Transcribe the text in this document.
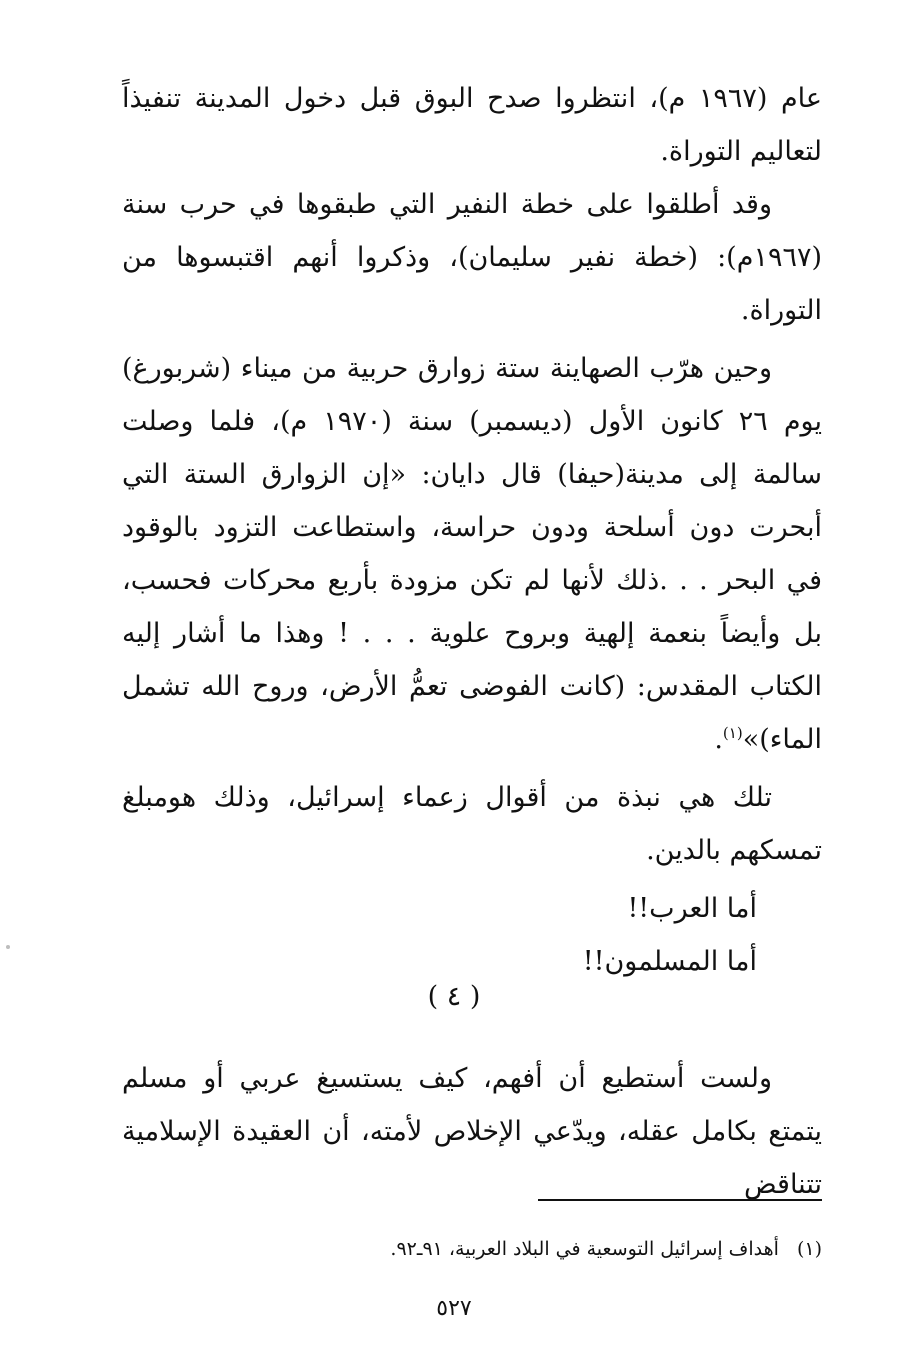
عام (١٩٦٧ م)، انتظروا صدح البوق قبل دخول المدينة تنفيذاً لتعاليم التوراة.

وقد أطلقوا على خطة النفير التي طبقوها في حرب سنة (١٩٦٧م): (خطة نفير سليمان)، وذكروا أنهم اقتبسوها من التوراة.

وحين هرّب الصهاينة ستة زوارق حربية من ميناء (شربورغ) يوم ٢٦ كانون الأول (ديسمبر) سنة (١٩٧٠ م)، فلما وصلت سالمة إلى مدينة(حيفا) قال دايان: «إن الزوارق الستة التي أبحرت دون أسلحة ودون حراسة، واستطاعت التزود بالوقود في البحر . . .ذلك لأنها لم تكن مزودة بأربع محركات فحسب، بل وأيضاً بنعمة إلهية وبروح علوية . . . ! وهذا ما أشار إليه الكتاب المقدس: (كانت الفوضى تعمُّ الأرض، وروح الله تشمل الماء)»$^{(١)}$.

تلك هي نبذة من أقوال زعماء إسرائيل، وذلك هومبلغ تمسكهم بالدين.

أما العرب!!

أما المسلمون!!

( ٤ )

ولست أستطيع أن أفهم، كيف يستسيغ عربي أو مسلم يتمتع بكامل عقله، ويدّعي الإخلاص لأمته، أن العقيدة الإسلامية تتناقض

(١)أهداف إسرائيل التوسعية في البلاد العربية، ٩١ـ٩٢.
٥٢٧
